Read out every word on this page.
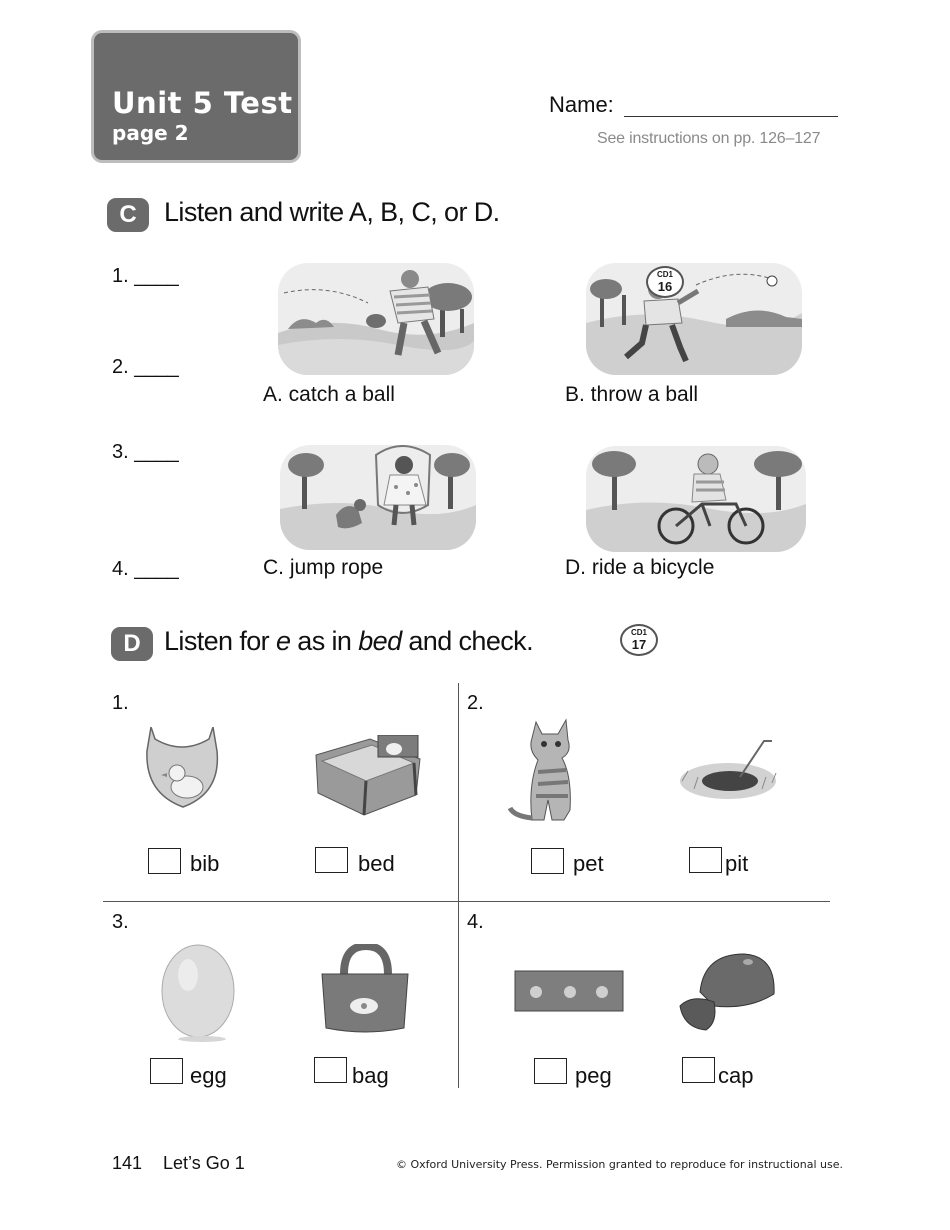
Unit 5 Test
page 2
Name:
See instructions on pp. 126–127
C	Listen and write A, B, C, or D.
1. ____
2. ____
3. ____
4. ____
CD1
16
A. catch a ball	B. throw a ball
C. jump rope	D. ride a bicycle
D Listen for e as in bed and check.	CD1
17
1.
bib	bed
2.
pet	pit
3.
egg	bag
4.
peg	cap
141 Let’s Go 1	© Oxford University Press. Permission granted to reproduce for instructional use.
